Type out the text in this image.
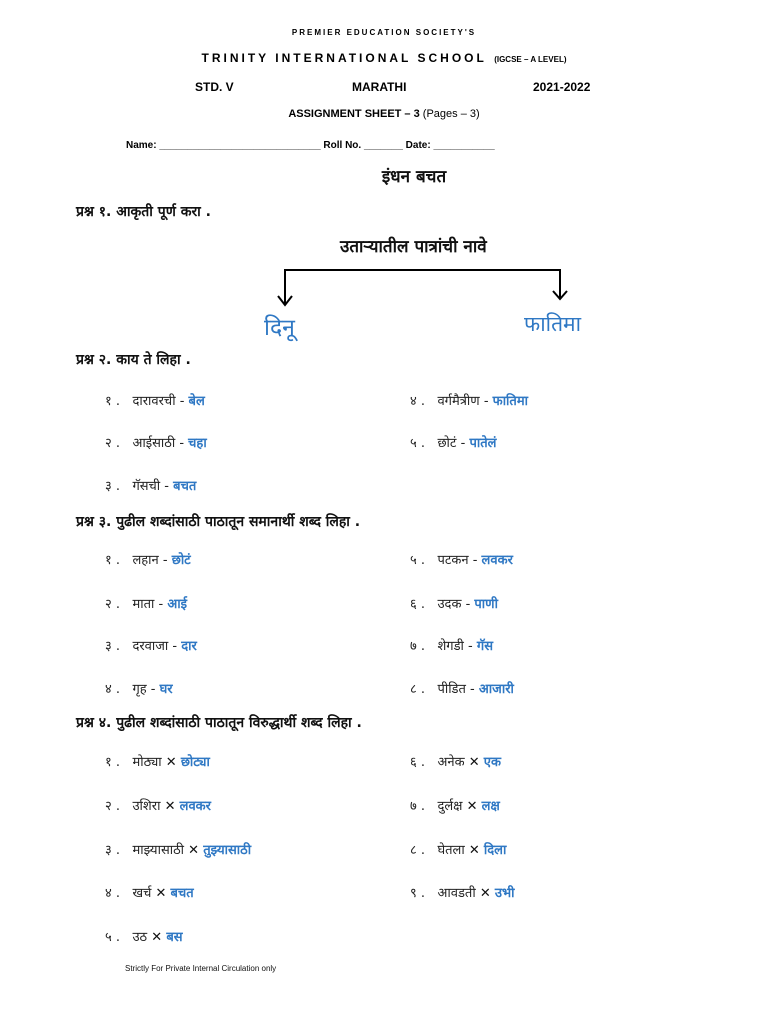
PREMIER EDUCATION SOCIETY'S
TRINITY INTERNATIONAL SCHOOL (IGCSE – A LEVEL)
STD. V	MARATHI	2021-2022
ASSIGNMENT SHEET – 3 (Pages – 3)
Name: _____________________________ Roll No. _______ Date: ___________
इंधन बचत
प्रश्न १. आकृती पूर्ण करा .
उताऱ्यातील पात्रांची नावे
दिनू	फातिमा
प्रश्न २. काय ते लिहा .
१ . दारावरची - बेल
२ . आईसाठी - चहा
३ . गॅसची - बचत
४ . वर्गमैत्रीण - फातिमा
५ . छोटं - पातेलं
प्रश्न ३. पुढील शब्दांसाठी पाठातून समानार्थी शब्द लिहा .
१ . लहान - छोटं
२ . माता - आई
३ . दरवाजा - दार
४ . गृह - घर
५ . पटकन - लवकर
६ . उदक - पाणी
७ . शेगडी - गॅस
८ . पीडित - आजारी
प्रश्न ४. पुढील शब्दांसाठी पाठातून विरुद्धार्थी शब्द लिहा .
१ . मोठ्या ✕ छोट्या
२ . उशिरा ✕ लवकर
३ . माझ्यासाठी ✕ तुझ्यासाठी
४ . खर्च ✕ बचत
५ . उठ ✕ बस
६ . अनेक ✕ एक
७ . दुर्लक्ष ✕ लक्ष
८ . घेतला ✕ दिला
९ . आवडती ✕ उभी
Strictly For Private Internal Circulation only
